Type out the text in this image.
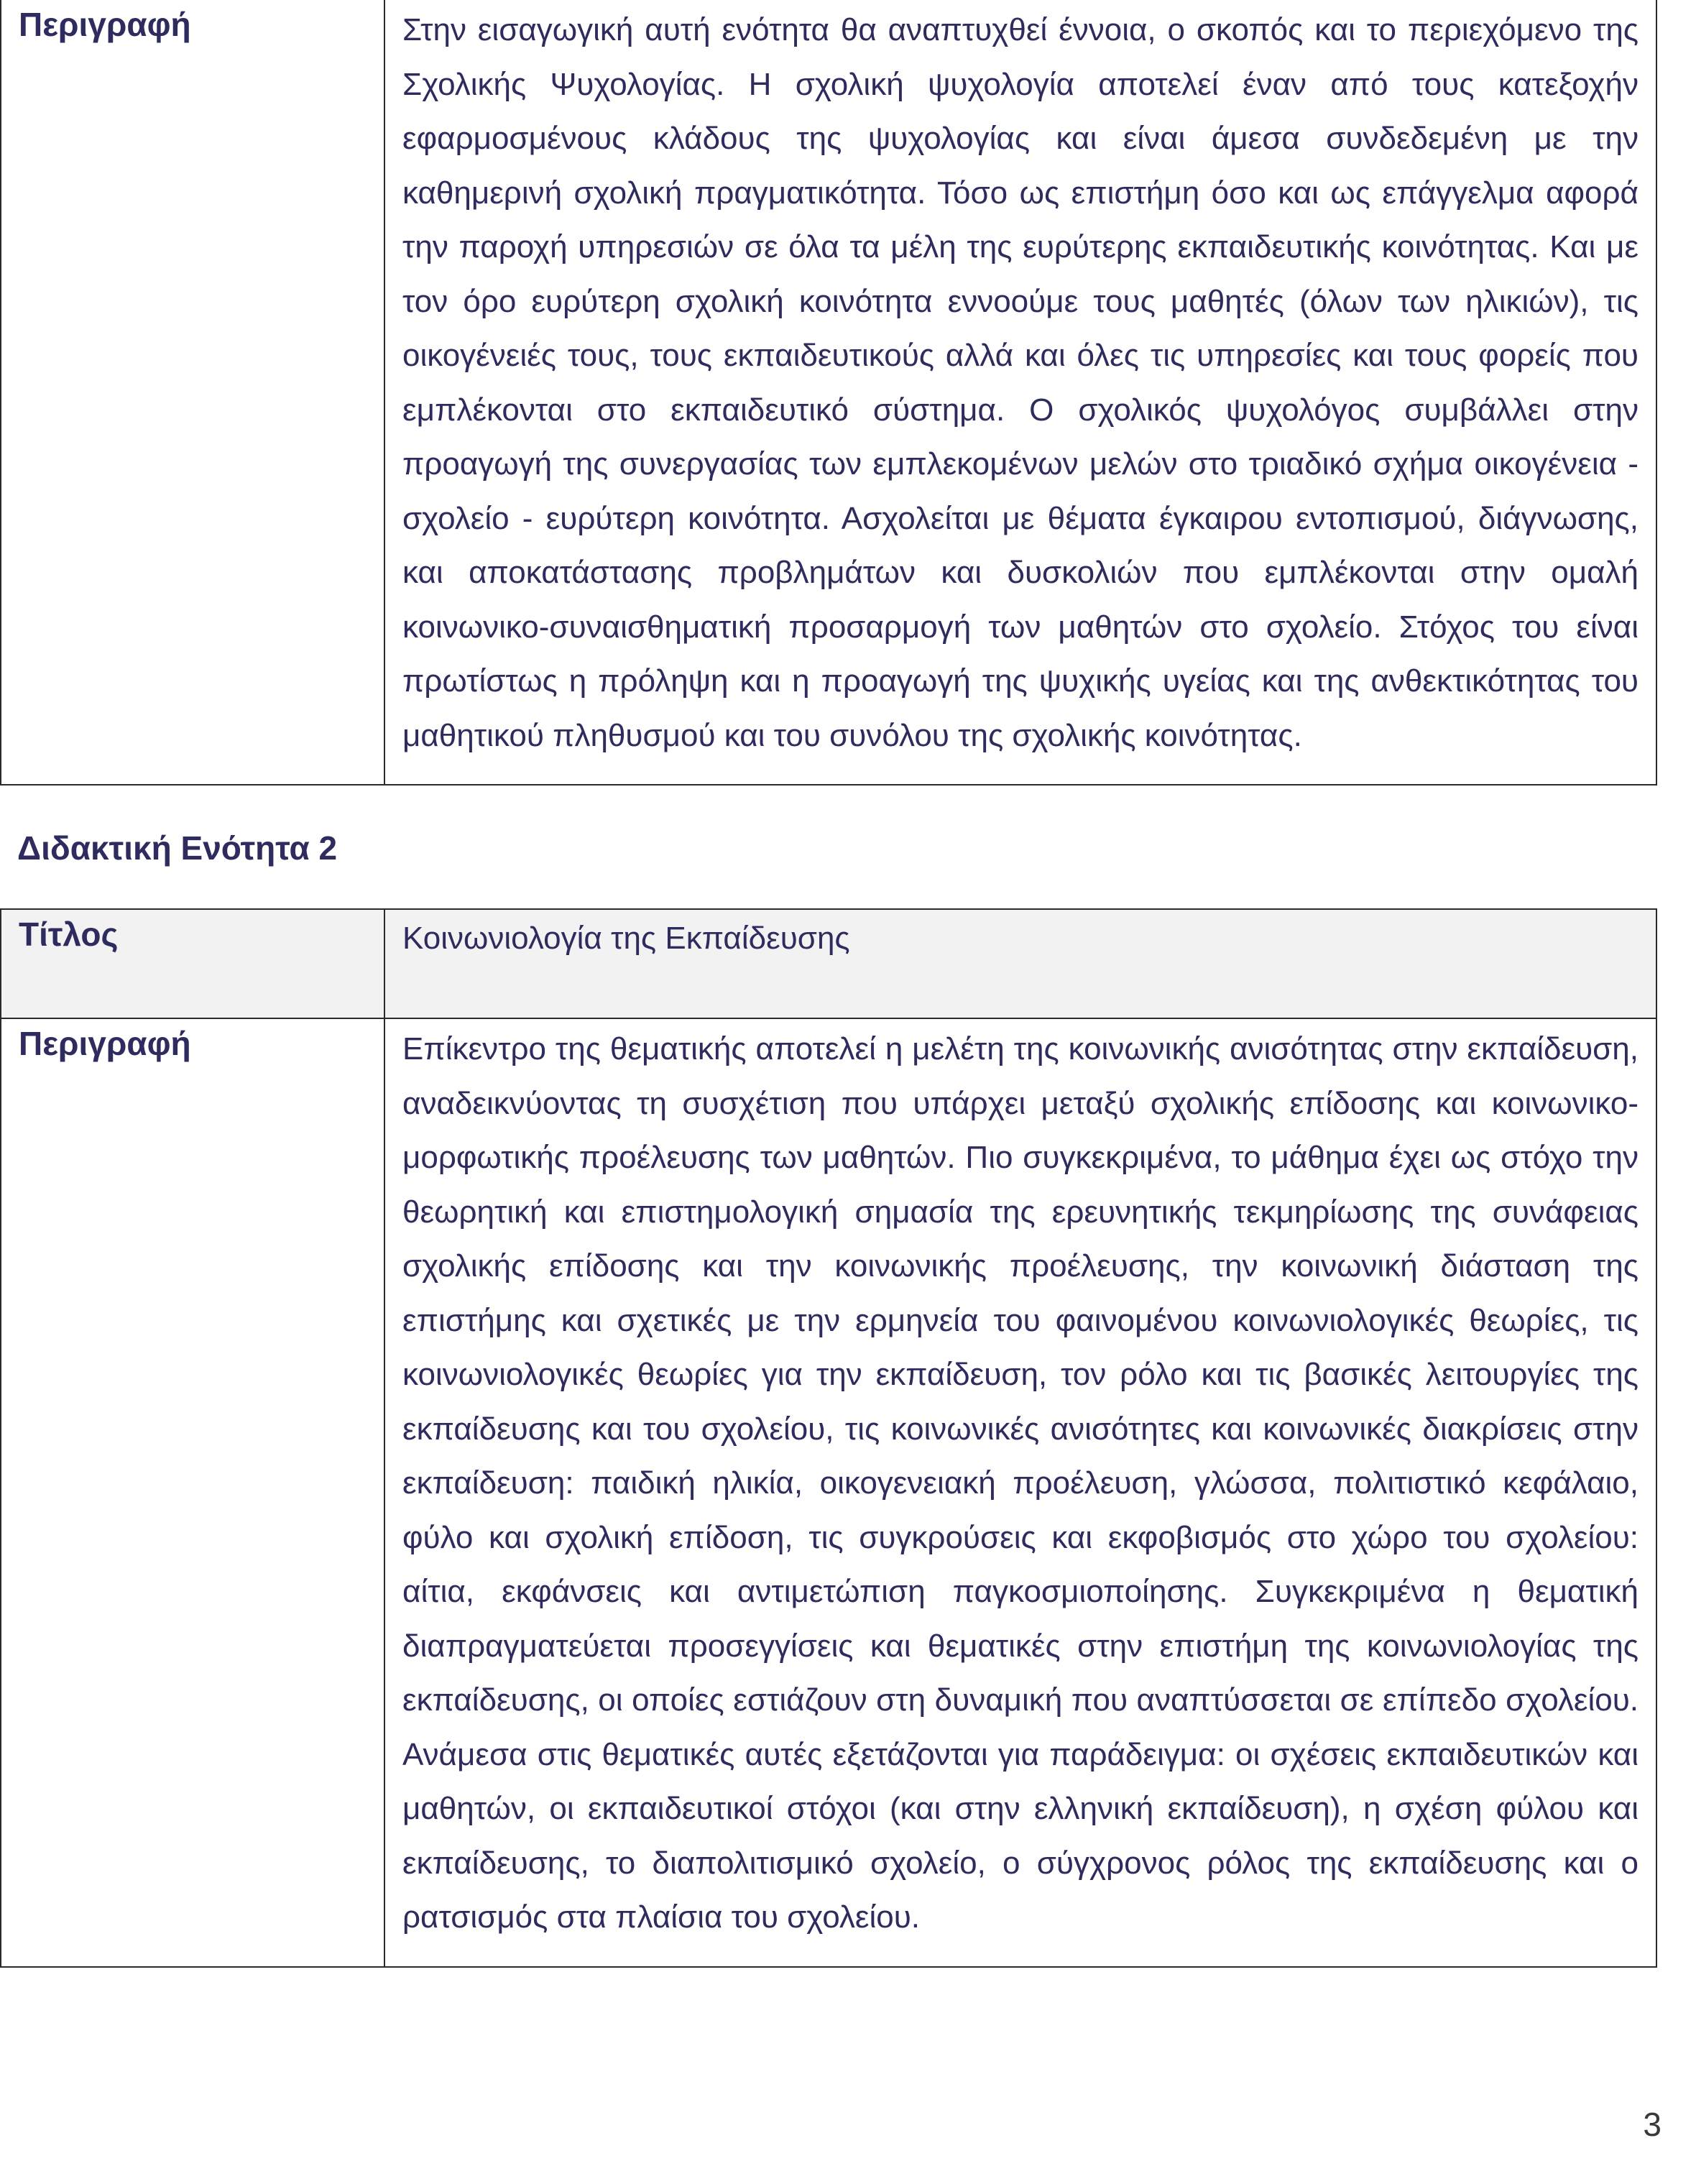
Περιγραφή	Στην εισαγωγική αυτή ενότητα θα αναπτυχθεί έννοια, ο σκοπός και το περιεχόμενο της Σχολικής Ψυχολογίας. Η σχολική ψυχολογία αποτελεί έναν από τους κατεξοχήν εφαρμοσμένους κλάδους της ψυχολογίας και είναι άμεσα συνδεδεμένη με την καθημερινή σχολική πραγματικότητα. Τόσο ως επιστήμη όσο και ως επάγγελμα αφορά την παροχή υπηρεσιών σε όλα τα μέλη της ευρύτερης εκπαιδευτικής κοινότητας. Και με τον όρο ευρύτερη σχολική κοινότητα εννοούμε τους μαθητές (όλων των ηλικιών), τις οικογένειές τους, τους εκπαιδευτικούς αλλά και όλες τις υπηρεσίες και τους φορείς που εμπλέκονται στο εκπαιδευτικό σύστημα. Ο σχολικός ψυχολόγος συμβάλλει στην προαγωγή της συνεργασίας των εμπλεκομένων μελών στο τριαδικό σχήμα οικογένεια - σχολείο - ευρύτερη κοινότητα. Ασχολείται με θέματα έγκαιρου εντοπισμού, διάγνωσης, και αποκατάστασης προβλημάτων και δυσκολιών που εμπλέκονται στην ομαλή κοινωνικο-συναισθηματική προσαρμογή των μαθητών στο σχολείο. Στόχος του είναι πρωτίστως η πρόληψη και η προαγωγή της ψυχικής υγείας και της ανθεκτικότητας του μαθητικού πληθυσμού και του συνόλου της σχολικής κοινότητας.

Διδακτική Ενότητα 2
Τίτλος	Κοινωνιολογία της Εκπαίδευσης
Περιγραφή	Επίκεντρο της θεματικής αποτελεί η μελέτη της κοινωνικής ανισότητας στην εκπαίδευση, αναδεικνύοντας τη συσχέτιση που υπάρχει μεταξύ σχολικής επίδοσης και κοινωνικο-μορφωτικής προέλευσης των μαθητών. Πιο συγκεκριμένα, το μάθημα έχει ως στόχο την θεωρητική και επιστημολογική σημασία της ερευνητικής τεκμηρίωσης της συνάφειας σχολικής επίδοσης και την κοινωνικής προέλευσης, την κοινωνική διάσταση της επιστήμης και σχετικές με την ερμηνεία του φαινομένου κοινωνιολογικές θεωρίες, τις κοινωνιολογικές θεωρίες για την εκπαίδευση, τον ρόλο και τις βασικές λειτουργίες της εκπαίδευσης και του σχολείου, τις κοινωνικές ανισότητες και κοινωνικές διακρίσεις στην εκπαίδευση: παιδική ηλικία, οικογενειακή προέλευση, γλώσσα, πολιτιστικό κεφάλαιο, φύλο και σχολική επίδοση, τις συγκρούσεις και εκφοβισμός στο χώρο του σχολείου: αίτια, εκφάνσεις και αντιμετώπιση παγκοσμιοποίησης. Συγκεκριμένα η θεματική διαπραγματεύεται προσεγγίσεις και θεματικές στην επιστήμη της κοινωνιολογίας της εκπαίδευσης, οι οποίες εστιάζουν στη δυναμική που αναπτύσσεται σε επίπεδο σχολείου. Ανάμεσα στις θεματικές αυτές εξετάζονται για παράδειγμα: οι σχέσεις εκπαιδευτικών και μαθητών, οι εκπαιδευτικοί στόχοι (και στην ελληνική εκπαίδευση), η σχέση φύλου και εκπαίδευσης, το διαπολιτισμικό σχολείο, ο σύγχρονος ρόλος της εκπαίδευσης και ο ρατσισμός στα πλαίσια του σχολείου.

3
